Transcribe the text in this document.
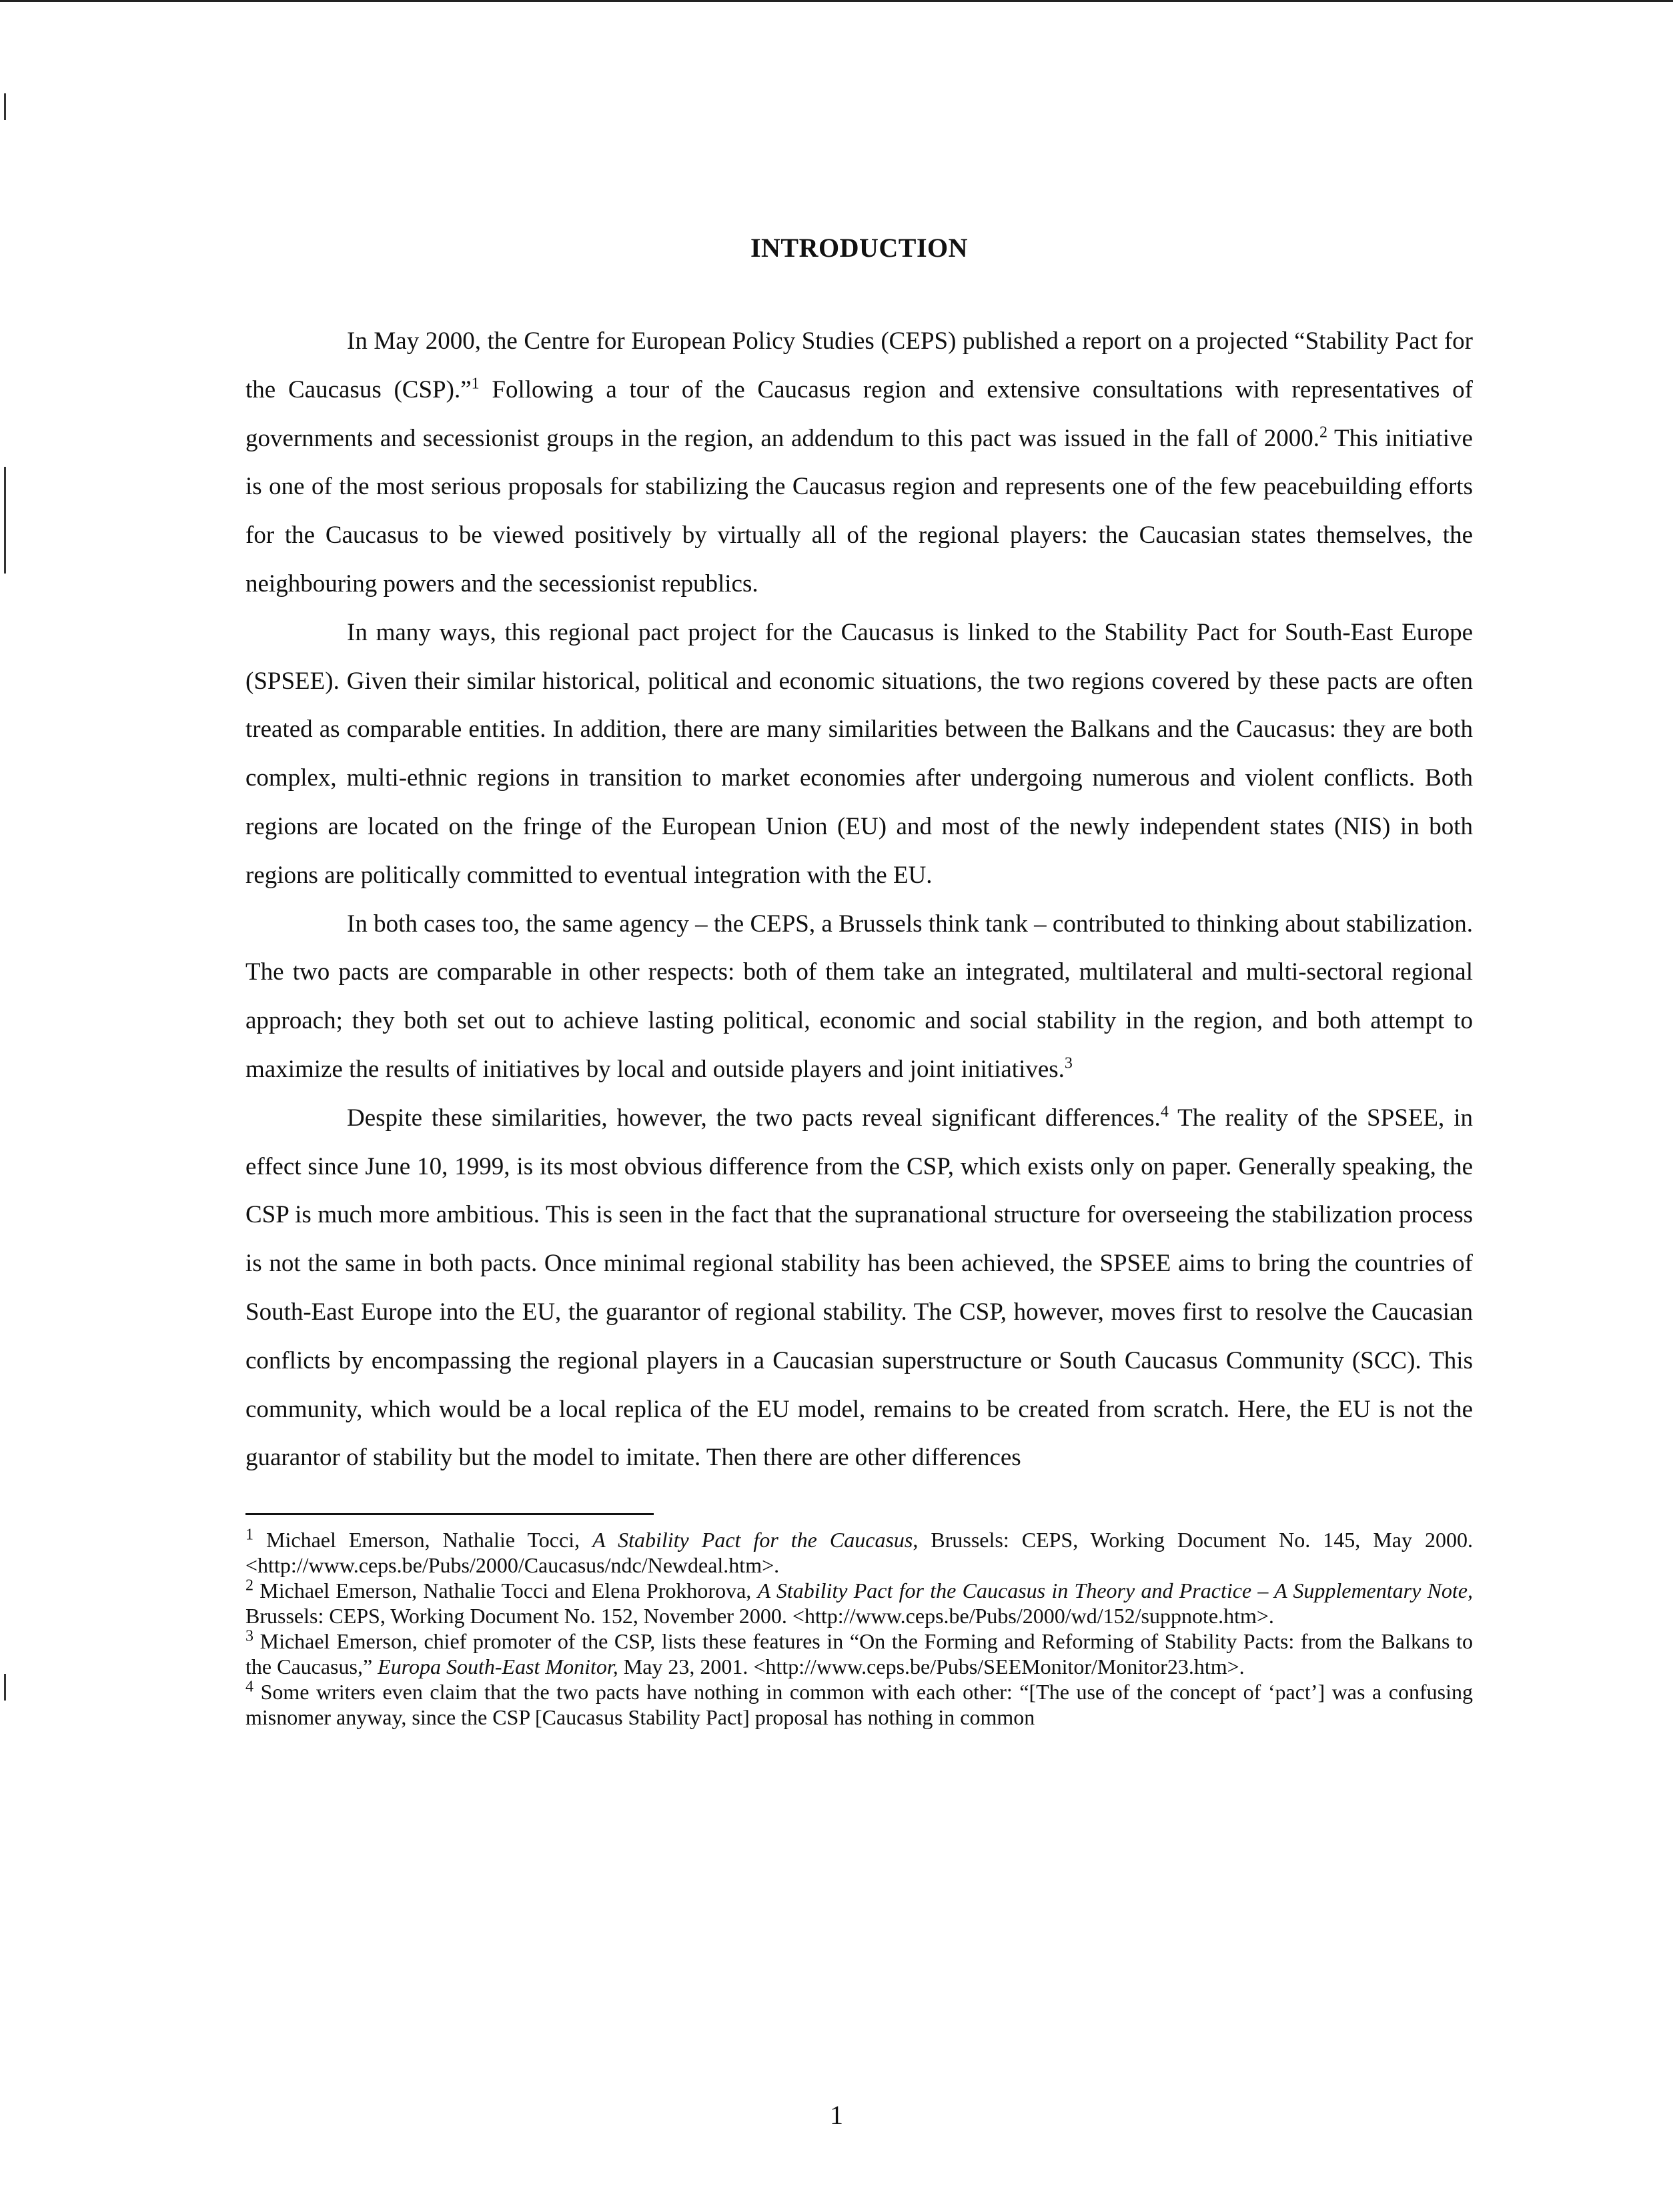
INTRODUCTION

In May 2000, the Centre for European Policy Studies (CEPS) published a report on a projected “Stability Pact for the Caucasus (CSP).”$^1$ Following a tour of the Caucasus region and extensive consultations with representatives of governments and secessionist groups in the region, an addendum to this pact was issued in the fall of 2000.$^2$ This initiative is one of the most serious proposals for stabilizing the Caucasus region and represents one of the few peacebuilding efforts for the Caucasus to be viewed positively by virtually all of the regional players: the Caucasian states themselves, the neighbouring powers and the secessionist republics.

In many ways, this regional pact project for the Caucasus is linked to the Stability Pact for South-East Europe (SPSEE). Given their similar historical, political and economic situations, the two regions covered by these pacts are often treated as comparable entities. In addition, there are many similarities between the Balkans and the Caucasus: they are both complex, multi-ethnic regions in transition to market economies after undergoing numerous and violent conflicts. Both regions are located on the fringe of the European Union (EU) and most of the newly independent states (NIS) in both regions are politically committed to eventual integration with the EU.

In both cases too, the same agency – the CEPS, a Brussels think tank – contributed to thinking about stabilization. The two pacts are comparable in other respects: both of them take an integrated, multilateral and multi-sectoral regional approach; they both set out to achieve lasting political, economic and social stability in the region, and both attempt to maximize the results of initiatives by local and outside players and joint initiatives.$^3$

Despite these similarities, however, the two pacts reveal significant differences.$^4$ The reality of the SPSEE, in effect since June 10, 1999, is its most obvious difference from the CSP, which exists only on paper. Generally speaking, the CSP is much more ambitious. This is seen in the fact that the supranational structure for overseeing the stabilization process is not the same in both pacts. Once minimal regional stability has been achieved, the SPSEE aims to bring the countries of South-East Europe into the EU, the guarantor of regional stability. The CSP, however, moves first to resolve the Caucasian conflicts by encompassing the regional players in a Caucasian superstructure or South Caucasus Community (SCC). This community, which would be a local replica of the EU model, remains to be created from scratch. Here, the EU is not the guarantor of stability but the model to imitate. Then there are other differences

$^1$ Michael Emerson, Nathalie Tocci, A Stability Pact for the Caucasus, Brussels: CEPS, Working Document No. 145, May 2000. <http://www.ceps.be/Pubs/2000/Caucasus/ndc/Newdeal.htm>.

$^2$ Michael Emerson, Nathalie Tocci and Elena Prokhorova, A Stability Pact for the Caucasus in Theory and Practice – A Supplementary Note, Brussels: CEPS, Working Document No. 152, November 2000. <http://www.ceps.be/Pubs/2000/wd/152/suppnote.htm>.

$^3$ Michael Emerson, chief promoter of the CSP, lists these features in “On the Forming and Reforming of Stability Pacts: from the Balkans to the Caucasus,” Europa South-East Monitor, May 23, 2001. <http://www.ceps.be/Pubs/SEEMonitor/Monitor23.htm>.

$^4$ Some writers even claim that the two pacts have nothing in common with each other: “[The use of the concept of ‘pact’] was a confusing misnomer anyway, since the CSP [Caucasus Stability Pact] proposal has nothing in common

1
